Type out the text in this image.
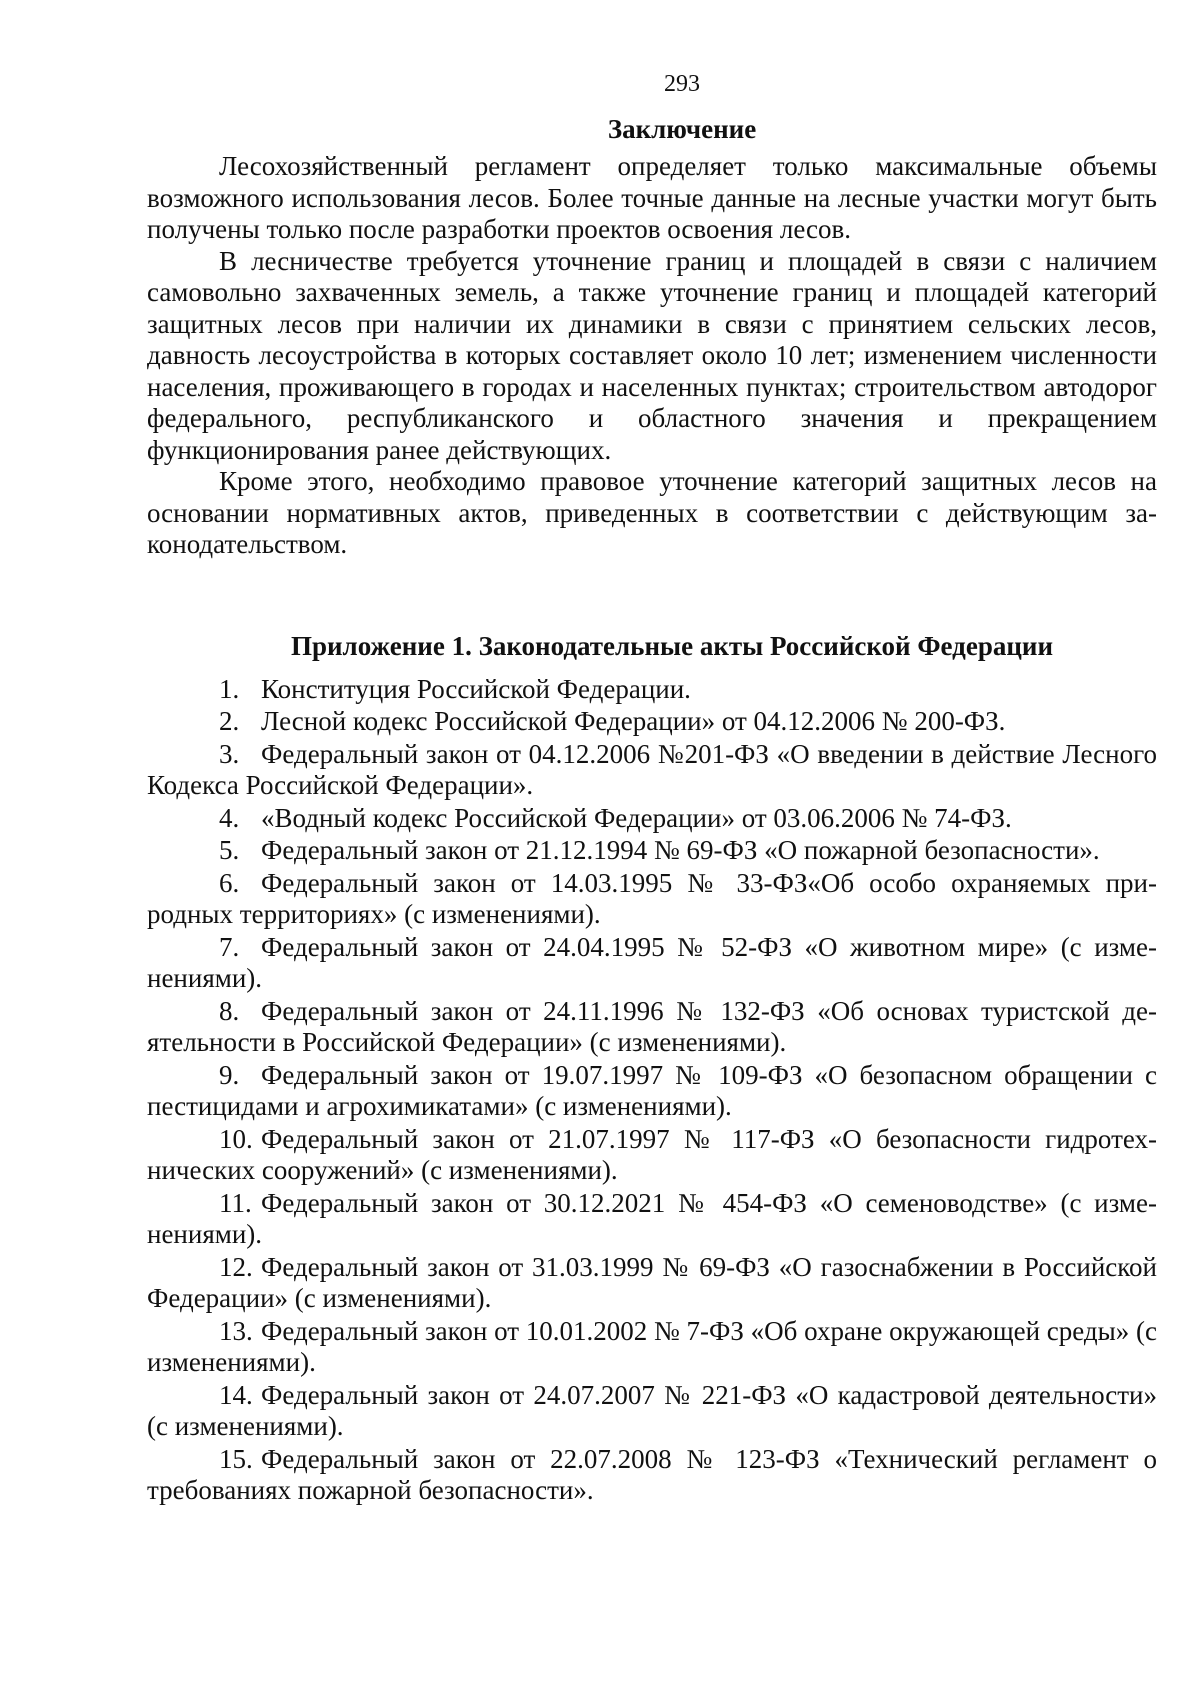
293
Заключение

Лесохозяйственный регламент определяет только максимальные объемы возможного использования лесов. Более точные данные на лесные участки могут быть получены только после разработки проектов освоения лесов.

В лесничестве требуется уточнение границ и площадей в связи с наличием самовольно захваченных земель, а также уточнение границ и площадей категорий защитных лесов при наличии их динамики в связи с принятием сельских лесов, давность лесоустройства в которых составляет около 10 лет; изменением численности населения, проживающего в городах и населенных пунктах; строительством автодорог федерального, республиканского и областного значения и прекращением функционирования ранее действующих.

Кроме этого, необходимо правовое уточнение категорий защитных лесов на основании нормативных актов, приведенных в соответствии с действующим законодательством.

Приложение 1. Законодательные акты Российской Федерации
1. Конституция Российской Федерации.
2. Лесной кодекс Российской Федерации» от 04.12.2006 № 200-ФЗ.
3. Федеральный закон от 04.12.2006 №201-ФЗ «О введении в действие Лесного Кодекса Российской Федерации».
4. «Водный кодекс Российской Федерации» от 03.06.2006 № 74-ФЗ.
5. Федеральный закон от 21.12.1994 № 69-ФЗ «О пожарной безопасности».
6. Федеральный закон от 14.03.1995 № 33-ФЗ«Об особо охраняемых природных территориях» (с изменениями).
7. Федеральный закон от 24.04.1995 № 52-ФЗ «О животном мире» (с изменениями).
8. Федеральный закон от 24.11.1996 № 132-ФЗ «Об основах туристской деятельности в Российской Федерации» (с изменениями).
9. Федеральный закон от 19.07.1997 № 109-ФЗ «О безопасном обращении с пестицидами и агрохимикатами» (с изменениями).
10. Федеральный закон от 21.07.1997 № 117-ФЗ «О безопасности гидротехнических сооружений» (с изменениями).
11. Федеральный закон от 30.12.2021 № 454-ФЗ «О семеноводстве» (с изменениями).
12. Федеральный закон от 31.03.1999 № 69-ФЗ «О газоснабжении в Российской Федерации» (с изменениями).
13. Федеральный закон от 10.01.2002 № 7-ФЗ «Об охране окружающей среды» (с изменениями).
14. Федеральный закон от 24.07.2007 № 221-ФЗ «О кадастровой деятельности» (с изменениями).
15. Федеральный закон от 22.07.2008 № 123-ФЗ «Технический регламент о требованиях пожарной безопасности».
